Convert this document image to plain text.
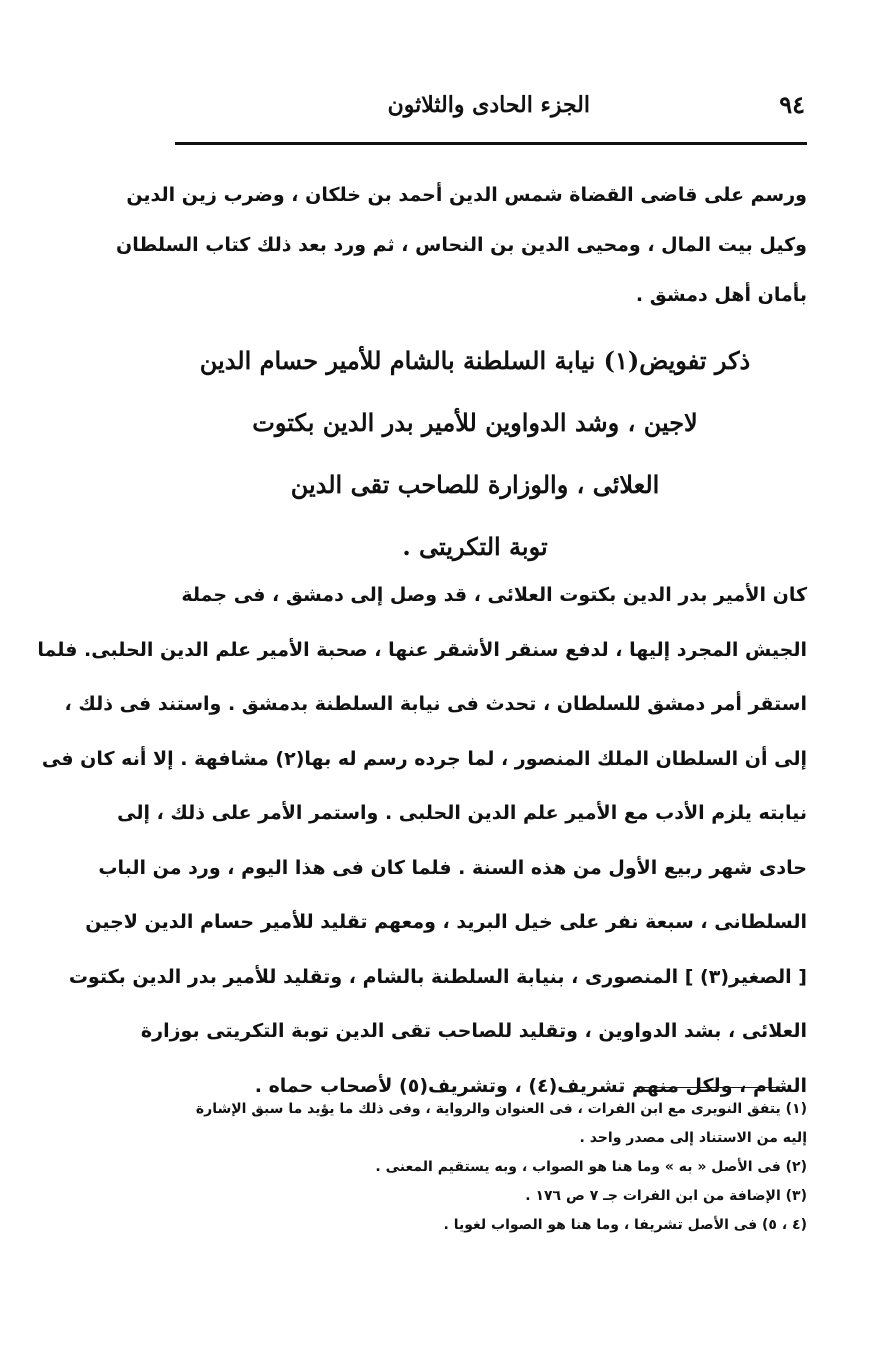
٩٤
الجزء الحادى والثلاثون
ورسم على قاضى القضاة شمس الدين أحمد بن خلكان ، وضرب زين الدين
وكيل بيت المال ، ومحيى الدين بن النحاس ، ثم ورد بعد ذلك كتاب السلطان
بأمان أهل دمشق .
ذكر تفويض(١) نيابة السلطنة بالشام للأمير حسام الدين
لاجين ، وشد الدواوين للأمير بدر الدين بكتوت
العلائى ، والوزارة للصاحب تقى الدين
توبة التكريتى .
كان الأمير بدر الدين بكتوت العلائى ، قد وصل إلى دمشق ، فى جملة
الجيش المجرد إليها ، لدفع سنقر الأشقر عنها ، صحبة الأمير علم الدين الحلبى. فلما
استقر أمر دمشق للسلطان ، تحدث فى نيابة السلطنة بدمشق . واستند فى ذلك ،
إلى أن السلطان الملك المنصور ، لما جرده رسم له بها(٢) مشافهة . إلا أنه كان فى
نيابته يلزم الأدب مع الأمير علم الدين الحلبى . واستمر الأمر على ذلك ، إلى
حادى شهر ربيع الأول من هذه السنة . فلما كان فى هذا اليوم ، ورد من الباب
السلطانى ، سبعة نفر على خيل البريد ، ومعهم تقليد للأمير حسام الدين لاجين
[ الصغير(٣) ] المنصورى ، بنيابة السلطنة بالشام ، وتقليد للأمير بدر الدين بكتوت
العلائى ، بشد الدواوين ، وتقليد للصاحب تقى الدين توبة التكريتى بوزارة
الشام ، ولكل منهم تشريف(٤) ، وتشريف(٥) لأصحاب حماه .
(١) يتفق النويرى مع ابن الفرات ، فى العنوان والرواية ، وفى ذلك ما يؤيد ما سبق الإشارة
إليه من الاستناد إلى مصدر واحد .
(٢) فى الأصل « به » وما هنا هو الصواب ، وبه يستقيم المعنى .
(٣) الإضافة من ابن الفرات جـ ٧ ص ١٧٦ .
(٤ ، ٥) فى الأصل تشريفا ، وما هنا هو الصواب لغويا .
